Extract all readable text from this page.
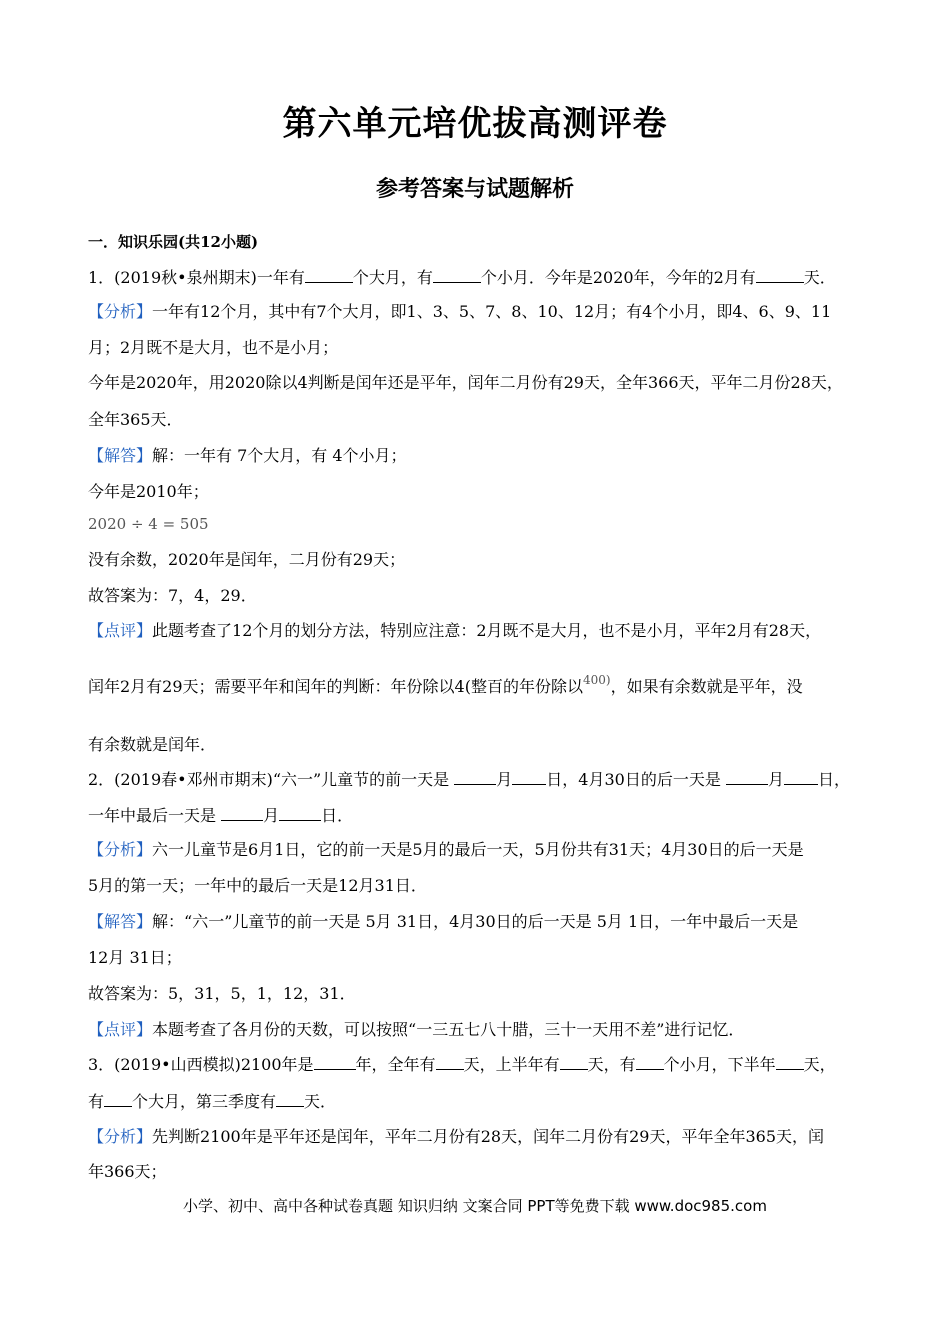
第六单元培优拔高测评卷
参考答案与试题解析
一．知识乐园(共12小题)
1．(2019秋•泉州期末)一年有	个大月，有	个小月．今年是2020年，今年的2月有	天．
【分析】一年有12个月，其中有7个大月，即1、3、5、7、8、10、12月；有4个小月，即4、6、9、11
月；2月既不是大月，也不是小月；
今年是2020年，用2020除以4判断是闰年还是平年，闰年二月份有29天，全年366天，平年二月份28天，
全年365天．
【解答】解：一年有 7个大月，有 4个小月；
今年是2010年；
2020 ÷ 4 = 505
没有余数，2020年是闰年，二月份有29天；
故答案为：7，4，29．
【点评】此题考查了12个月的划分方法，特别应注意：2月既不是大月，也不是小月，平年2月有28天，
闰年2月有29天；需要平年和闰年的判断：年份除以4(整百的年份除以$^{400)}$，如果有余数就是平年，没
有余数就是闰年．
2．(2019春•邓州市期末)“六一”儿童节的前一天是	月 日，4月30日的后一天是	月 日，
一年中最后一天是	月	日．
【分析】六一儿童节是6月1日，它的前一天是5月的最后一天，5月份共有31天；4月30日的后一天是
5月的第一天；一年中的最后一天是12月31日．
【解答】解：“六一”儿童节的前一天是 5月 31日，4月30日的后一天是 5月 1日，一年中最后一天是
12月 31日；
故答案为：5，31，5，1，12，31．
【点评】本题考查了各月份的天数，可以按照“一三五七八十腊，三十一天用不差”进行记忆．
3．(2019•山西模拟)2100年是	年，全年有 天，上半年有 天，有 个小月，下半年 天，
有 个大月，第三季度有 天．
【分析】先判断2100年是平年还是闰年，平年二月份有28天，闰年二月份有29天，平年全年365天，闰
年366天；
小学、初中、高中各种试卷真题 知识归纳 文案合同 PPT等免费下载 www.doc985.com
